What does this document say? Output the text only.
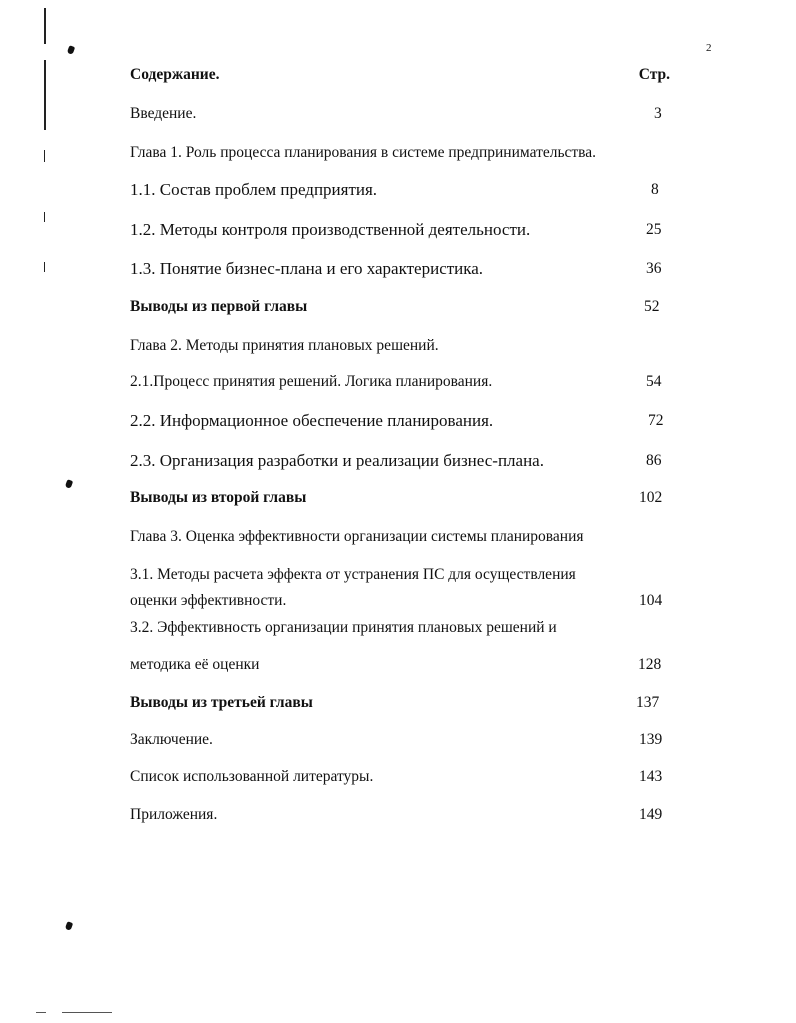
2
Содержание.	Стр.
Введение.	3
Глава 1. Роль процесса планирования в системе предпринимательства.
1.1. Состав проблем предприятия.	8
1.2. Методы контроля производственной деятельности.	25
1.3. Понятие бизнес-плана и его характеристика.	36
Выводы из первой главы	52
Глава 2. Методы принятия плановых решений.
2.1.Процесс принятия решений. Логика планирования.	54
2.2. Информационное обеспечение планирования.	72
2.3. Организация разработки и реализации бизнес-плана.	86
Выводы из второй главы	102
Глава 3. Оценка эффективности организации системы планирования
3.1. Методы расчета эффекта от устранения ПС для осуществления
оценки эффективности.	104
3.2. Эффективность организации принятия плановых решений и
методика её оценки	128
Выводы из третьей главы	137
Заключение.	139
Список использованной литературы.	143
Приложения.	149
